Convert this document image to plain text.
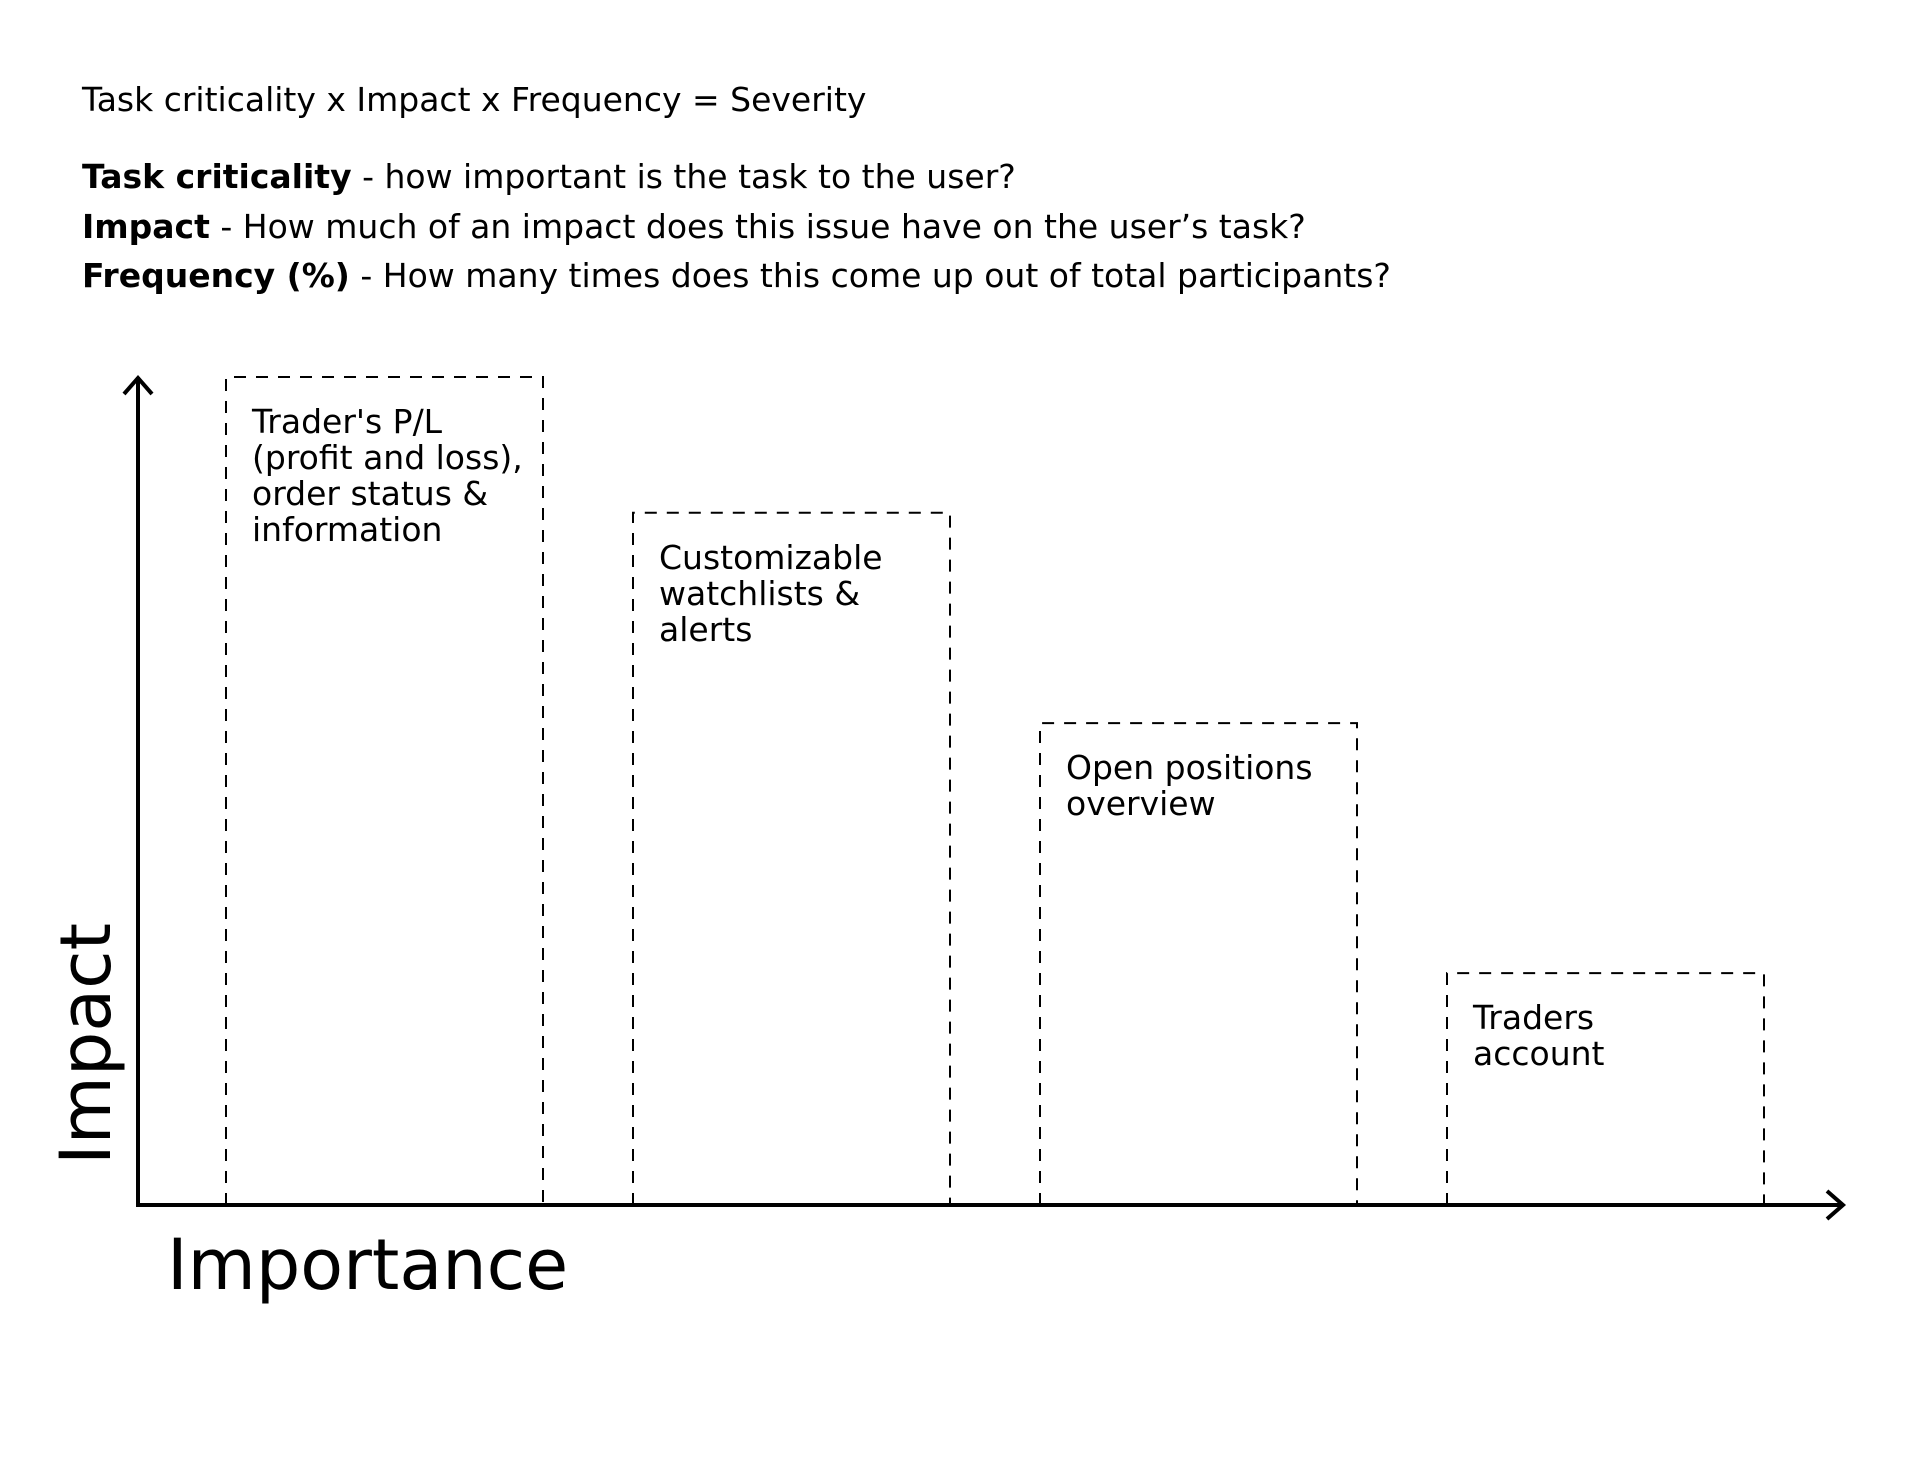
Task criticality x Impact x Frequency = Severity
Task criticality - how important is the task to the user?
Impact - How much of an impact does this issue have on the user’s task?
Frequency (%) - How many times does this come up out of total participants?
Trader's P/L
(profit and loss),
order status &
information
Customizable
watchlists &
alerts
Open positions
overview
Traders
account
Impact
Importance
